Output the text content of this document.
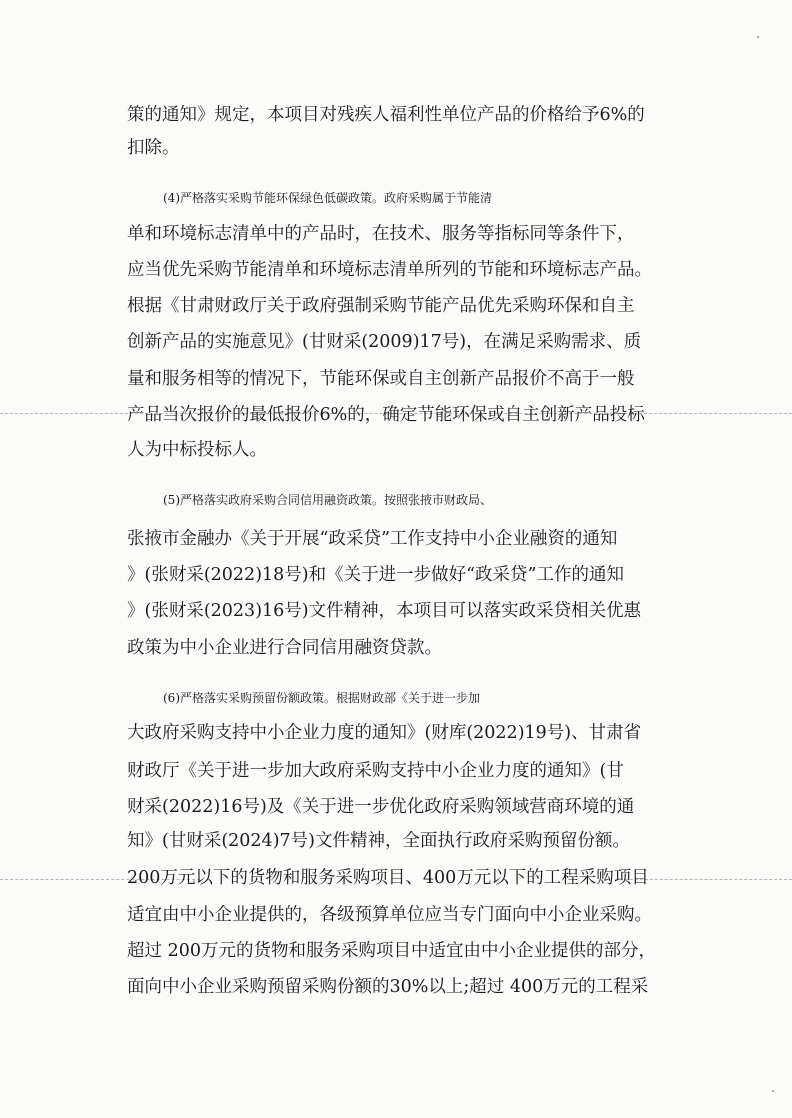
策的通知》规定，本项目对残疾人福利性单位产品的价格给予6%的
扣除。
(4)严格落实采购节能环保绿色低碳政策。政府采购属于节能清
单和环境标志清单中的产品时，在技术、服务等指标同等条件下，
应当优先采购节能清单和环境标志清单所列的节能和环境标志产品。
根据《甘肃财政厅关于政府强制采购节能产品优先采购环保和自主
创新产品的实施意见》(甘财采(2009)17号)，在满足采购需求、质
量和服务相等的情况下，节能环保或自主创新产品报价不高于一般
产品当次报价的最低报价6%的，确定节能环保或自主创新产品投标
人为中标投标人。
(5)严格落实政府采购合同信用融资政策。按照张掖市财政局、
张掖市金融办《关于开展“政采贷”工作支持中小企业融资的通知
》(张财采(2022)18号)和《关于进一步做好“政采贷”工作的通知
》(张财采(2023)16号)文件精神，本项目可以落实政采贷相关优惠
政策为中小企业进行合同信用融资贷款。
(6)严格落实采购预留份额政策。根据财政部《关于进一步加
大政府采购支持中小企业力度的通知》(财库(2022)19号)、甘肃省
财政厅《关于进一步加大政府采购支持中小企业力度的通知》(甘
财采(2022)16号)及《关于进一步优化政府采购领域营商环境的通
知》(甘财采(2024)7号)文件精神，全面执行政府采购预留份额。
200万元以下的货物和服务采购项目、400万元以下的工程采购项目
适宜由中小企业提供的，各级预算单位应当专门面向中小企业采购。
超过 200万元的货物和服务采购项目中适宜由中小企业提供的部分，
面向中小企业采购预留采购份额的30%以上;超过 400万元的工程采
